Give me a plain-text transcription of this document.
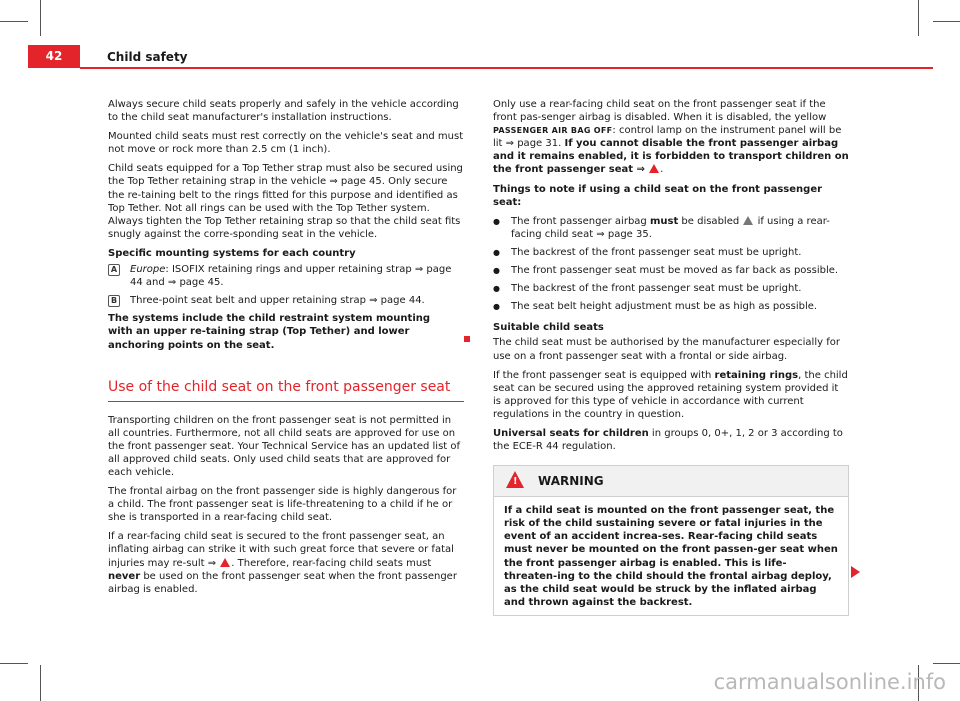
42	Child safety

Always secure child seats properly and safely in the vehicle according to the child seat manufacturer's installation instructions.

Mounted child seats must rest correctly on the vehicle's seat and must not move or rock more than 2.5 cm (1 inch).

Child seats equipped for a Top Tether strap must also be secured using the Top Tether retaining strap in the vehicle ⇒ page 45. Only secure the re-taining belt to the rings fitted for this purpose and identified as Top Tether. Not all rings can be used with the Top Tether system. Always tighten the Top Tether retaining strap so that the child seat fits snugly against the corre-sponding seat in the vehicle.

Specific mounting systems for each country

A Europe: ISOFIX retaining rings and upper retaining strap ⇒ page 44 and ⇒ page 45.
B Three-point seat belt and upper retaining strap ⇒ page 44.

The systems include the child restraint system mounting with an upper re-taining strap (Top Tether) and lower anchoring points on the seat.

Use of the child seat on the front passenger seat

Transporting children on the front passenger seat is not permitted in all countries. Furthermore, not all child seats are approved for use on the front passenger seat. Your Technical Service has an updated list of all approved child seats. Only used child seats that are approved for each vehicle.

The frontal airbag on the front passenger side is highly dangerous for a child. The front passenger seat is life-threatening to a child if he or she is transported in a rear-facing child seat.

If a rear-facing child seat is secured to the front passenger seat, an inflating airbag can strike it with such great force that severe or fatal injuries may re-sult ⇒ . Therefore, rear-facing child seats must never be used on the front passenger seat when the front passenger airbag is enabled.

Only use a rear-facing child seat on the front passenger seat if the front pas-senger airbag is disabled. When it is disabled, the yellow PASSENGER AIR BAG OFF: control lamp on the instrument panel will be lit ⇒ page 31. If you cannot disable the front passenger airbag and it remains enabled, it is forbidden to transport children on the front passenger seat ⇒ .

Things to note if using a child seat on the front passenger seat:

● The front passenger airbag must be disabled if using a rear-facing child seat ⇒ page 35.
● The backrest of the front passenger seat must be upright.
● The front passenger seat must be moved as far back as possible.
● The backrest of the front passenger seat must be upright.
● The seat belt height adjustment must be as high as possible.

Suitable child seats

The child seat must be authorised by the manufacturer especially for use on a front passenger seat with a frontal or side airbag.

If the front passenger seat is equipped with retaining rings, the child seat can be secured using the approved retaining system provided it is approved for this type of vehicle in accordance with current regulations in the country in question.

Universal seats for children in groups 0, 0+, 1, 2 or 3 according to the ECE-R 44 regulation.

! WARNING
If a child seat is mounted on the front passenger seat, the risk of the child sustaining severe or fatal injuries in the event of an accident increa-ses. Rear-facing child seats must never be mounted on the front passen-ger seat when the front passenger airbag is enabled. This is life-threaten-ing to the child should the frontal airbag deploy, as the child seat would be struck by the inflated airbag and thrown against the backrest.
carmanualsonline.info
